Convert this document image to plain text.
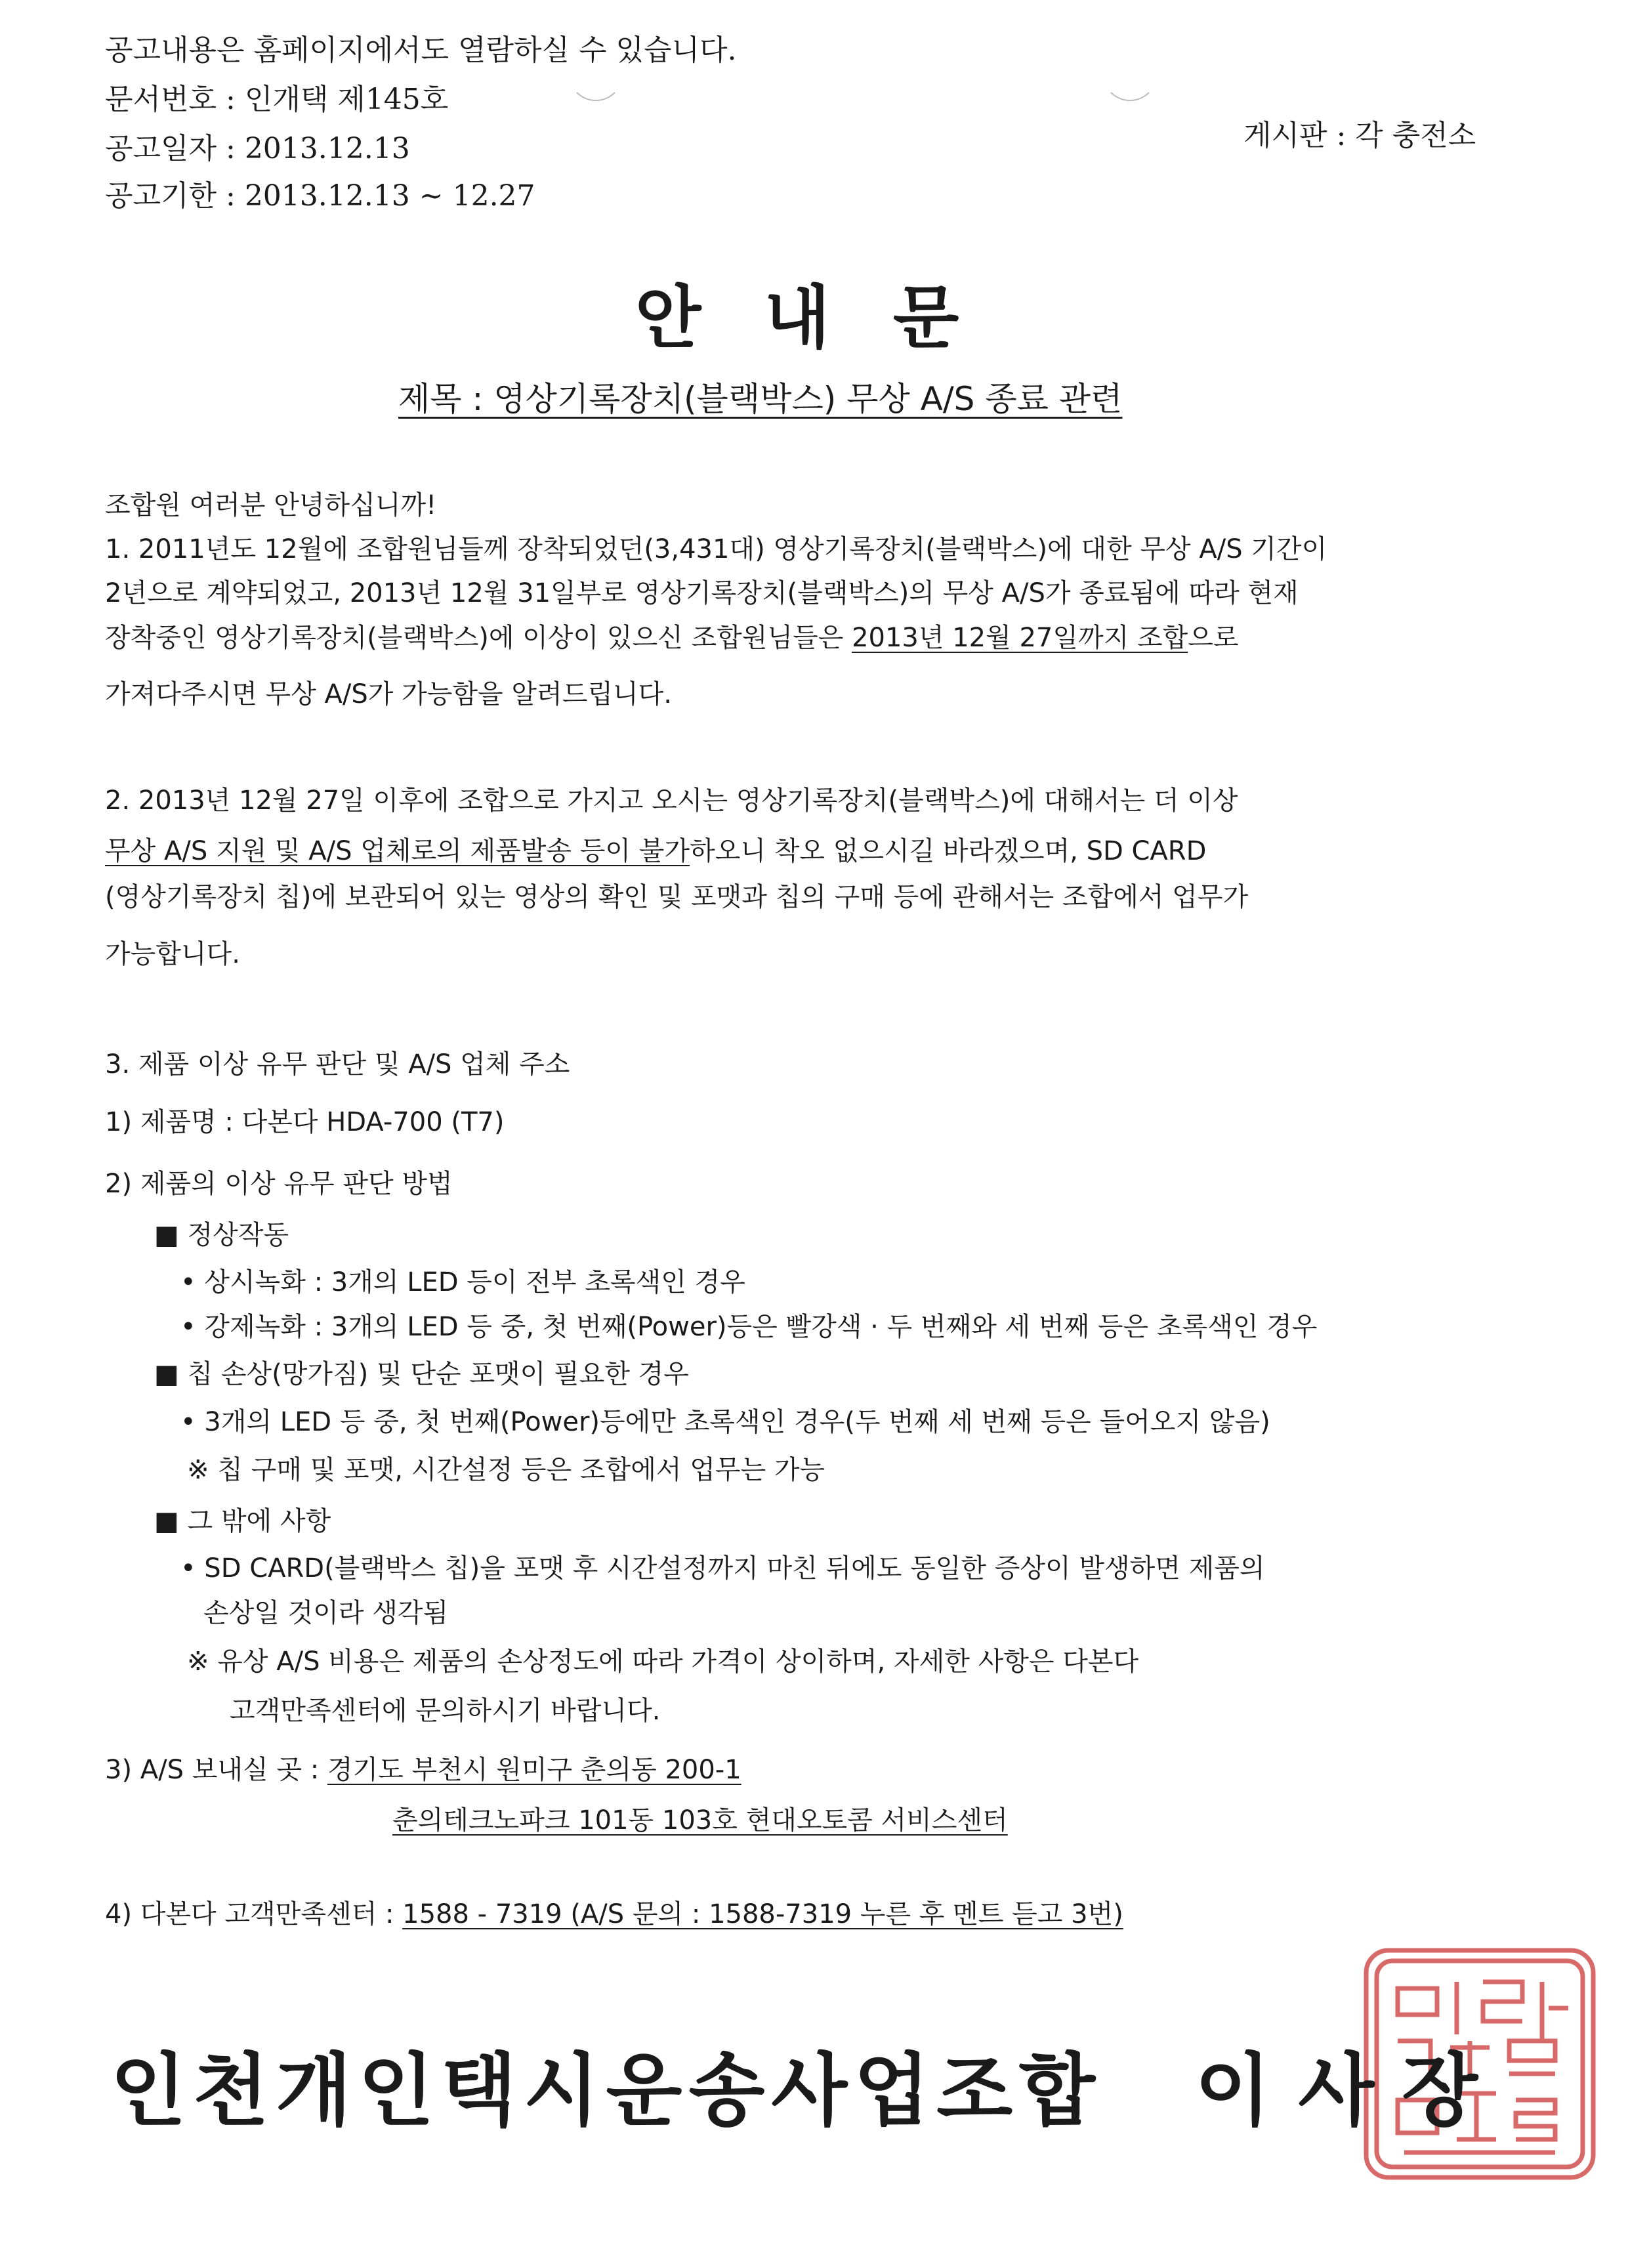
공고내용은 홈페이지에서도 열람하실 수 있습니다.
문서번호 : 인개택 제145호
공고일자 : 2013.12.13
공고기한 : 2013.12.13 ~ 12.27
게시판 : 각 충전소
안내문
제목 : 영상기록장치(블랙박스) 무상 A/S 종료 관련
조합원 여러분 안녕하십니까!
1. 2011년도 12월에 조합원님들께 장착되었던(3,431대) 영상기록장치(블랙박스)에 대한 무상 A/S 기간이
2년으로 계약되었고, 2013년 12월 31일부로 영상기록장치(블랙박스)의 무상 A/S가 종료됨에 따라 현재
장착중인 영상기록장치(블랙박스)에 이상이 있으신 조합원님들은 2013년 12월 27일까지 조합으로
가져다주시면 무상 A/S가 가능함을 알려드립니다.
2. 2013년 12월 27일 이후에 조합으로 가지고 오시는 영상기록장치(블랙박스)에 대해서는 더 이상
무상 A/S 지원 및 A/S 업체로의 제품발송 등이 불가하오니 착오 없으시길 바라겠으며, SD CARD
(영상기록장치 칩)에 보관되어 있는 영상의 확인 및 포맷과 칩의 구매 등에 관해서는 조합에서 업무가
가능합니다.
3. 제품 이상 유무 판단 및 A/S 업체 주소
1) 제품명 : 다본다 HDA-700 (T7)
2) 제품의 이상 유무 판단 방법
■ 정상작동
• 상시녹화 : 3개의 LED 등이 전부 초록색인 경우
• 강제녹화 : 3개의 LED 등 중, 첫 번째(Power)등은 빨강색 · 두 번째와 세 번째 등은 초록색인 경우
■ 칩 손상(망가짐) 및 단순 포맷이 필요한 경우
• 3개의 LED 등 중, 첫 번째(Power)등에만 초록색인 경우(두 번째 세 번째 등은 들어오지 않음)
※ 칩 구매 및 포맷, 시간설정 등은 조합에서 업무는 가능
■ 그 밖에 사항
• SD CARD(블랙박스 칩)을 포맷 후 시간설정까지 마친 뒤에도 동일한 증상이 발생하면 제품의
손상일 것이라 생각됨
※ 유상 A/S 비용은 제품의 손상정도에 따라 가격이 상이하며, 자세한 사항은 다본다
고객만족센터에 문의하시기 바랍니다.
3) A/S 보내실 곳 : 경기도 부천시 원미구 춘의동 200-1
춘의테크노파크 101동 103호 현대오토콤 서비스센터
4) 다본다 고객만족센터 : 1588 - 7319 (A/S 문의 : 1588-7319 누른 후 멘트 듣고 3번)
인천개인택시운송사업조합 이 사 장
